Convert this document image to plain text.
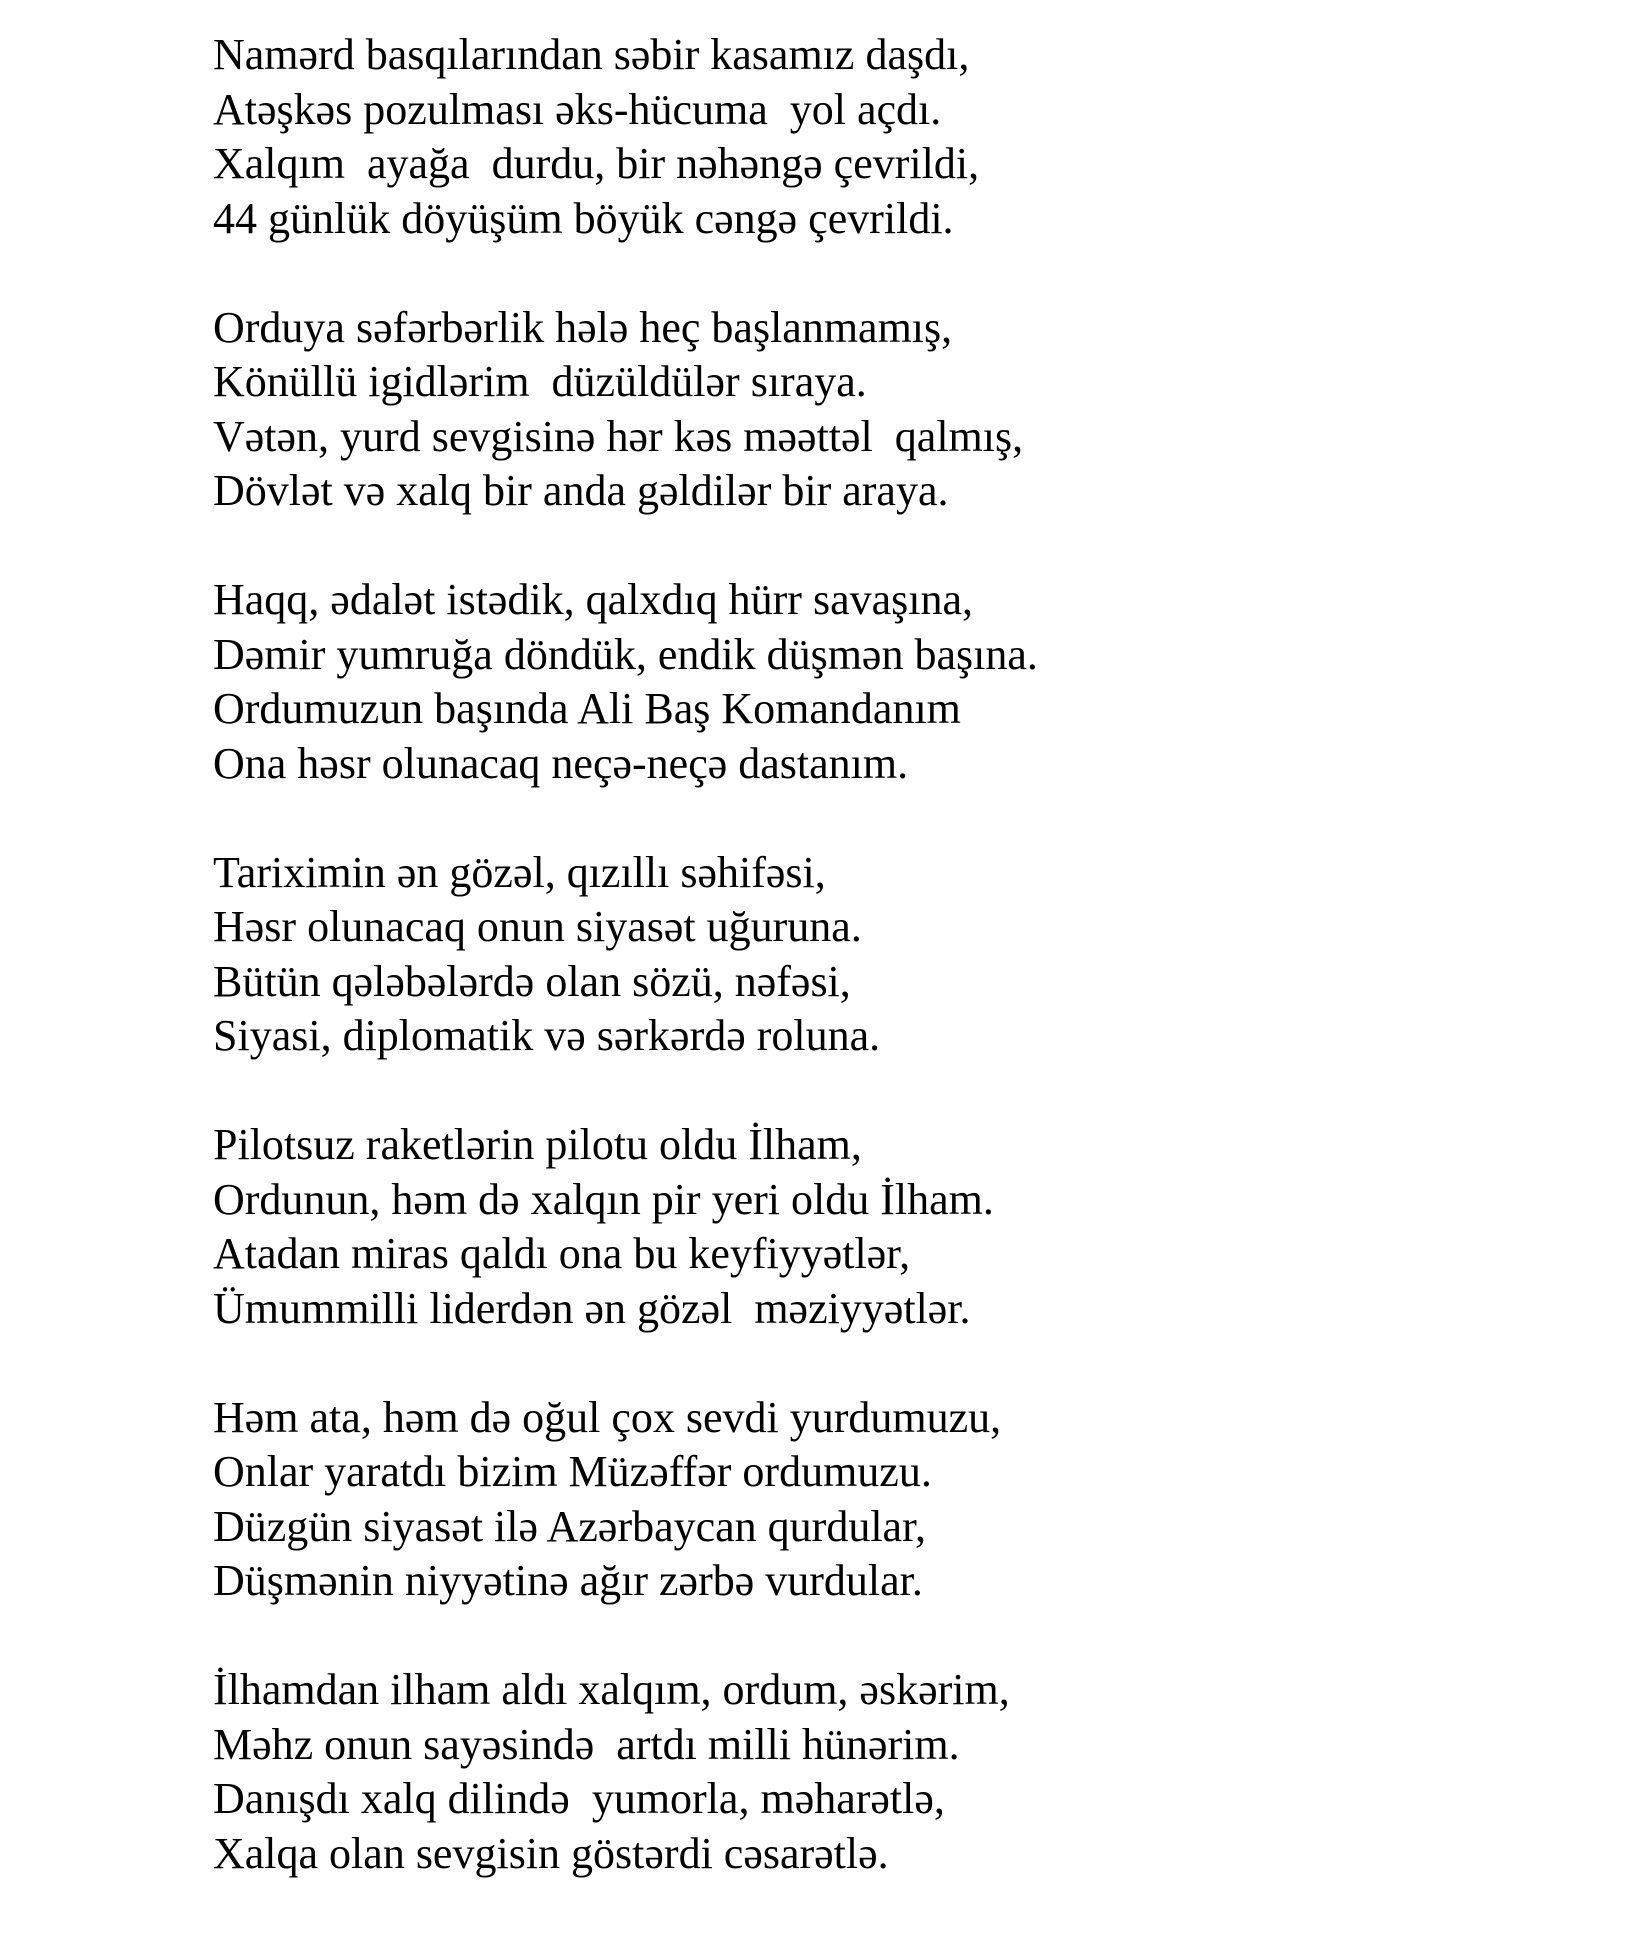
Namərd basqılarından səbir kasamız daşdı,
Atəşkəs pozulması əks-hücuma  yol açdı.
Xalqım  ayağa  durdu, bir nəhəngə çevrildi,
44 günlük döyüşüm böyük cəngə çevrildi.
Orduya səfərbərlik hələ heç başlanmamış,
Könüllü igidlərim  düzüldülər sıraya.
Vətən, yurd sevgisinə hər kəs məəttəl  qalmış,
Dövlət və xalq bir anda gəldilər bir araya.
Haqq, ədalət istədik, qalxdıq hürr savaşına,
Dəmir yumruğa döndük, endik düşmən başına.
Ordumuzun başında Ali Baş Komandanım
Ona həsr olunacaq neçə-neçə dastanım.
Tariximin ən gözəl, qızıllı səhifəsi,
Həsr olunacaq onun siyasət uğuruna.
Bütün qələbələrdə olan sözü, nəfəsi,
Siyasi, diplomatik və sərkərdə roluna.
Pilotsuz raketlərin pilotu oldu İlham,
Ordunun, həm də xalqın pir yeri oldu İlham.
Atadan miras qaldı ona bu keyfiyyətlər,
Ümummilli liderdən ən gözəl  məziyyətlər.
Həm ata, həm də oğul çox sevdi yurdumuzu,
Onlar yaratdı bizim Müzəffər ordumuzu.
Düzgün siyasət ilə Azərbaycan qurdular,
Düşmənin niyyətinə ağır zərbə vurdular.
İlhamdan ilham aldı xalqım, ordum, əskərim,
Məhz onun sayəsində  artdı milli hünərim.
Danışdı xalq dilində  yumorla, məharətlə,
Xalqa olan sevgisin göstərdi cəsarətlə.
